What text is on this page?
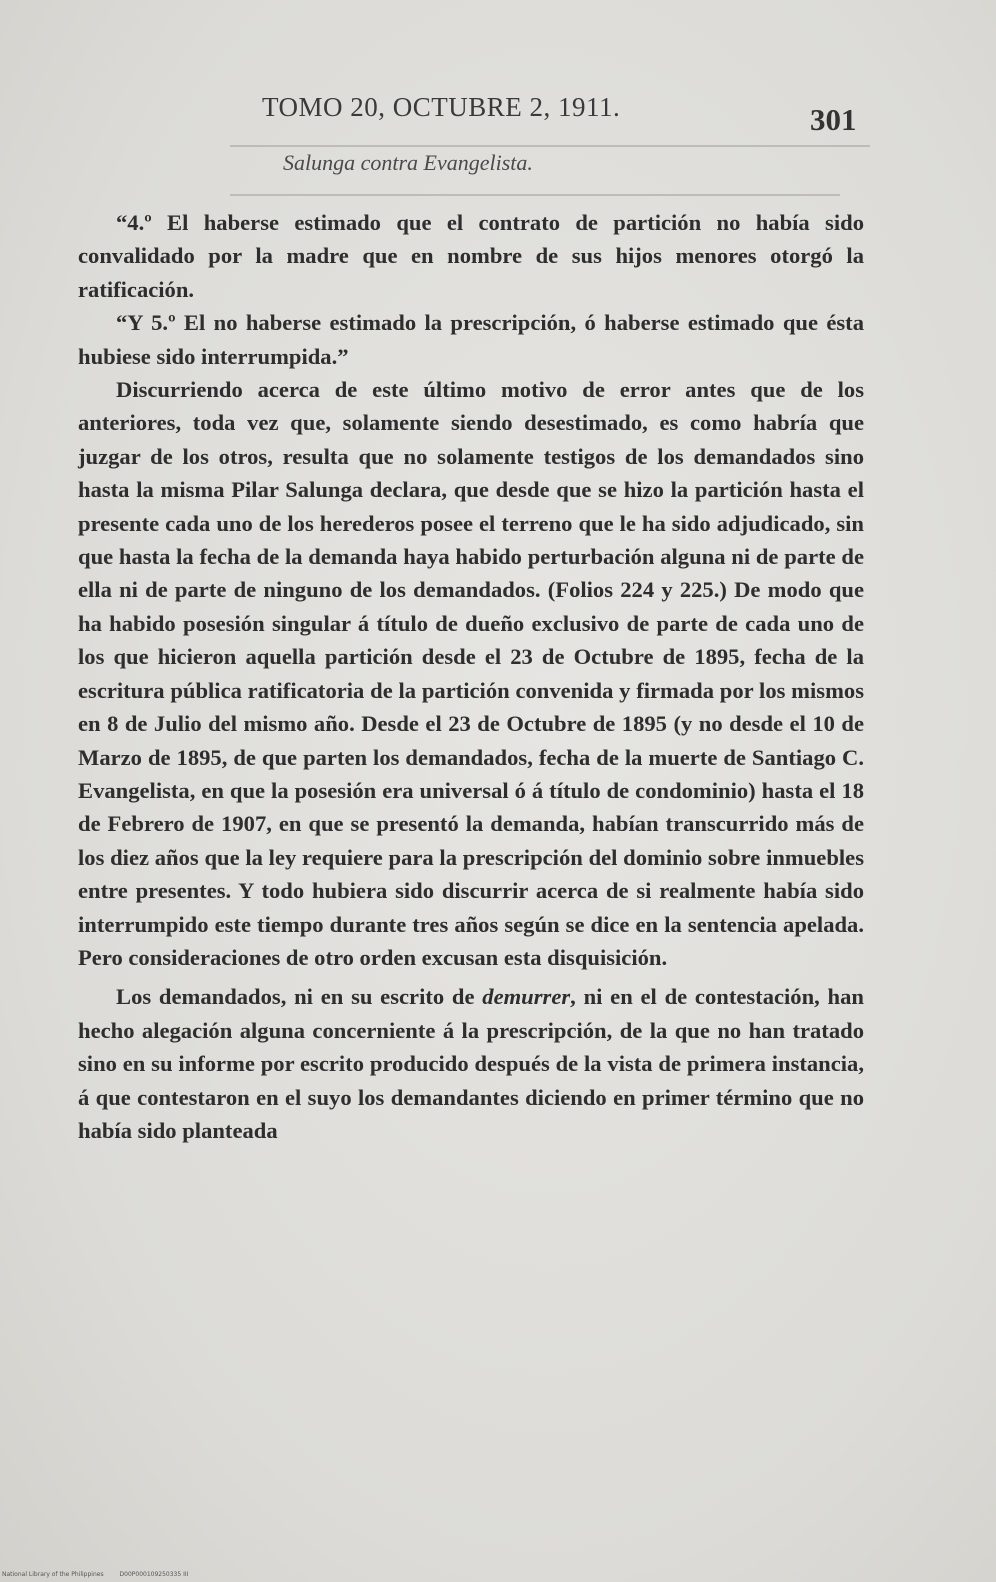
TOMO 20, OCTUBRE 2, 1911.	301
Salunga contra Evangelista.

“4.º El haberse estimado que el contrato de partición no había sido convalidado por la madre que en nombre de sus hijos menores otorgó la ratificación.

“Y 5.º El no haberse estimado la prescripción, ó haberse estimado que ésta hubiese sido interrumpida.”

Discurriendo acerca de este último motivo de error antes que de los anteriores, toda vez que, solamente siendo desestimado, es como habría que juzgar de los otros, resulta que no solamente testigos de los demandados sino hasta la misma Pilar Salunga declara, que desde que se hizo la partición hasta el presente cada uno de los herederos posee el terreno que le ha sido adjudicado, sin que hasta la fecha de la demanda haya habido perturbación alguna ni de parte de ella ni de parte de ninguno de los demandados. (Folios 224 y 225.) De modo que ha habido posesión singular á título de dueño exclusivo de parte de cada uno de los que hicieron aquella partición desde el 23 de Octubre de 1895, fecha de la escritura pública ratificatoria de la partición convenida y firmada por los mismos en 8 de Julio del mismo año. Desde el 23 de Octubre de 1895 (y no desde el 10 de Marzo de 1895, de que parten los demandados, fecha de la muerte de Santiago C. Evangelista, en que la posesión era universal ó á título de condominio) hasta el 18 de Febrero de 1907, en que se presentó la demanda, habían transcurrido más de los diez años que la ley requiere para la prescripción del dominio sobre inmuebles entre presentes. Y todo hubiera sido discurrir acerca de si realmente había sido interrumpido este tiempo durante tres años según se dice en la sentencia apelada. Pero consideraciones de otro orden excusan esta disquisición.

Los demandados, ni en su escrito de demurrer, ni en el de contestación, han hecho alegación alguna concerniente á la prescripción, de la que no han tratado sino en su informe por escrito producido después de la vista de primera instancia, á que contestaron en el suyo los demandantes diciendo en primer término que no había sido planteada

National Library of the Philippines	D00P000109250335 III
